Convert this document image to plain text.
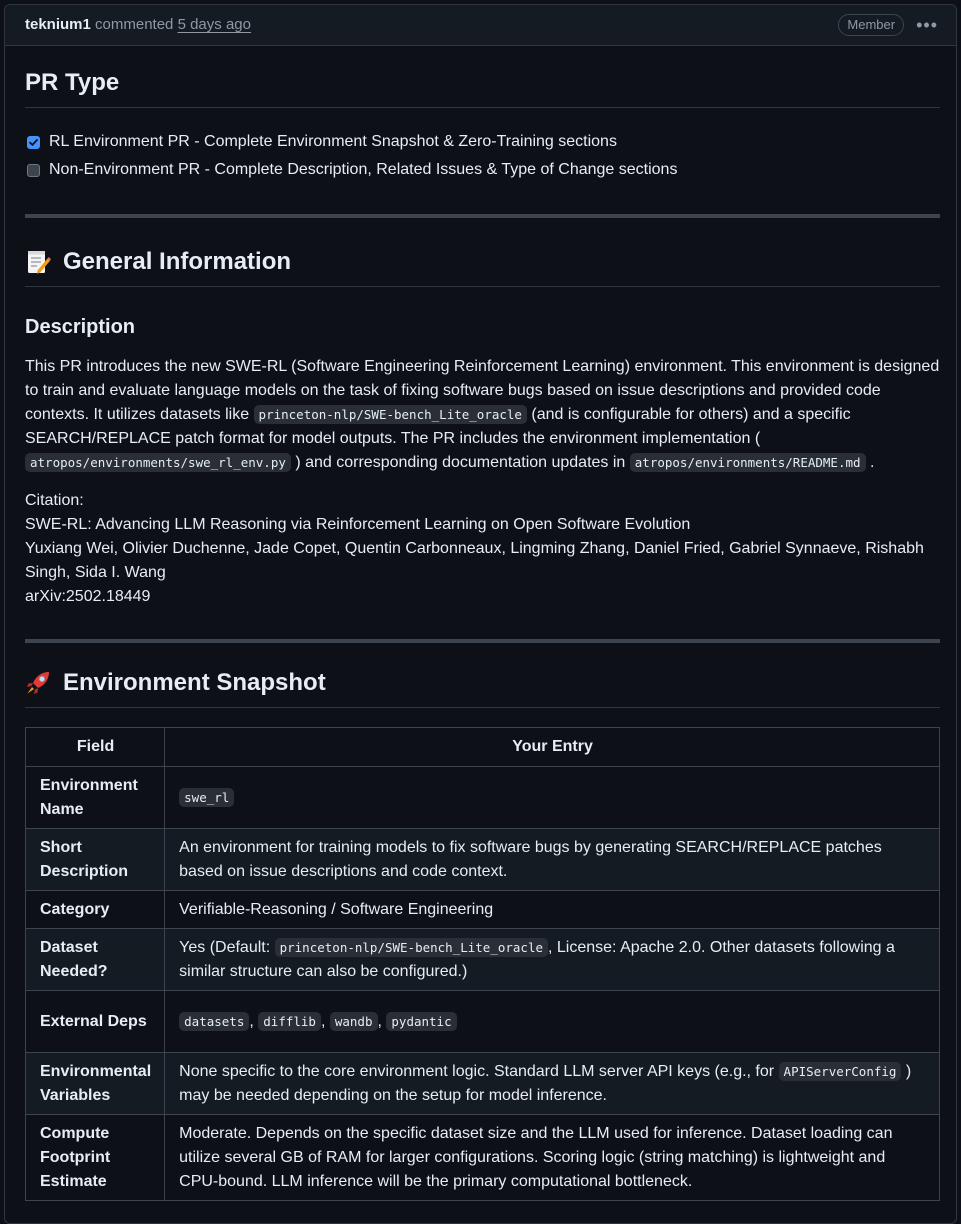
teknium1 commented 5 days ago	Member	•••
PR Type
RL Environment PR - Complete Environment Snapshot & Zero-Training sections
Non-Environment PR - Complete Description, Related Issues & Type of Change sections
General Information
Description

This PR introduces the new SWE-RL (Software Engineering Reinforcement Learning) environment. This environment is designed to train and evaluate language models on the task of fixing software bugs based on issue descriptions and provided code contexts. It utilizes datasets like princeton-nlp/SWE-bench_Lite_oracle (and is configurable for others) and a specific SEARCH/REPLACE patch format for model outputs. The PR includes the environment implementation ( atropos/environments/swe_rl_env.py ) and corresponding documentation updates in atropos/environments/README.md .

Citation:
SWE-RL: Advancing LLM Reasoning via Reinforcement Learning on Open Software Evolution
Yuxiang Wei, Olivier Duchenne, Jade Copet, Quentin Carbonneaux, Lingming Zhang, Daniel Fried, Gabriel Synnaeve, Rishabh Singh, Sida I. Wang
arXiv:2502.18449

Environment Snapshot
Field	Your Entry
Environment Name	swe_rl
Short Description	An environment for training models to fix software bugs by generating SEARCH/REPLACE patches based on issue descriptions and code context.
Category	Verifiable-Reasoning / Software Engineering
Dataset Needed?	Yes (Default: princeton-nlp/SWE-bench_Lite_oracle , License: Apache 2.0. Other datasets following a similar structure can also be configured.)
External Deps	datasets , difflib , wandb , pydantic
Environmental Variables	None specific to the core environment logic. Standard LLM server API keys (e.g., for APIServerConfig ) may be needed depending on the setup for model inference.
Compute Footprint Estimate	Moderate. Depends on the specific dataset size and the LLM used for inference. Dataset loading can utilize several GB of RAM for larger configurations. Scoring logic (string matching) is lightweight and CPU-bound. LLM inference will be the primary computational bottleneck.
